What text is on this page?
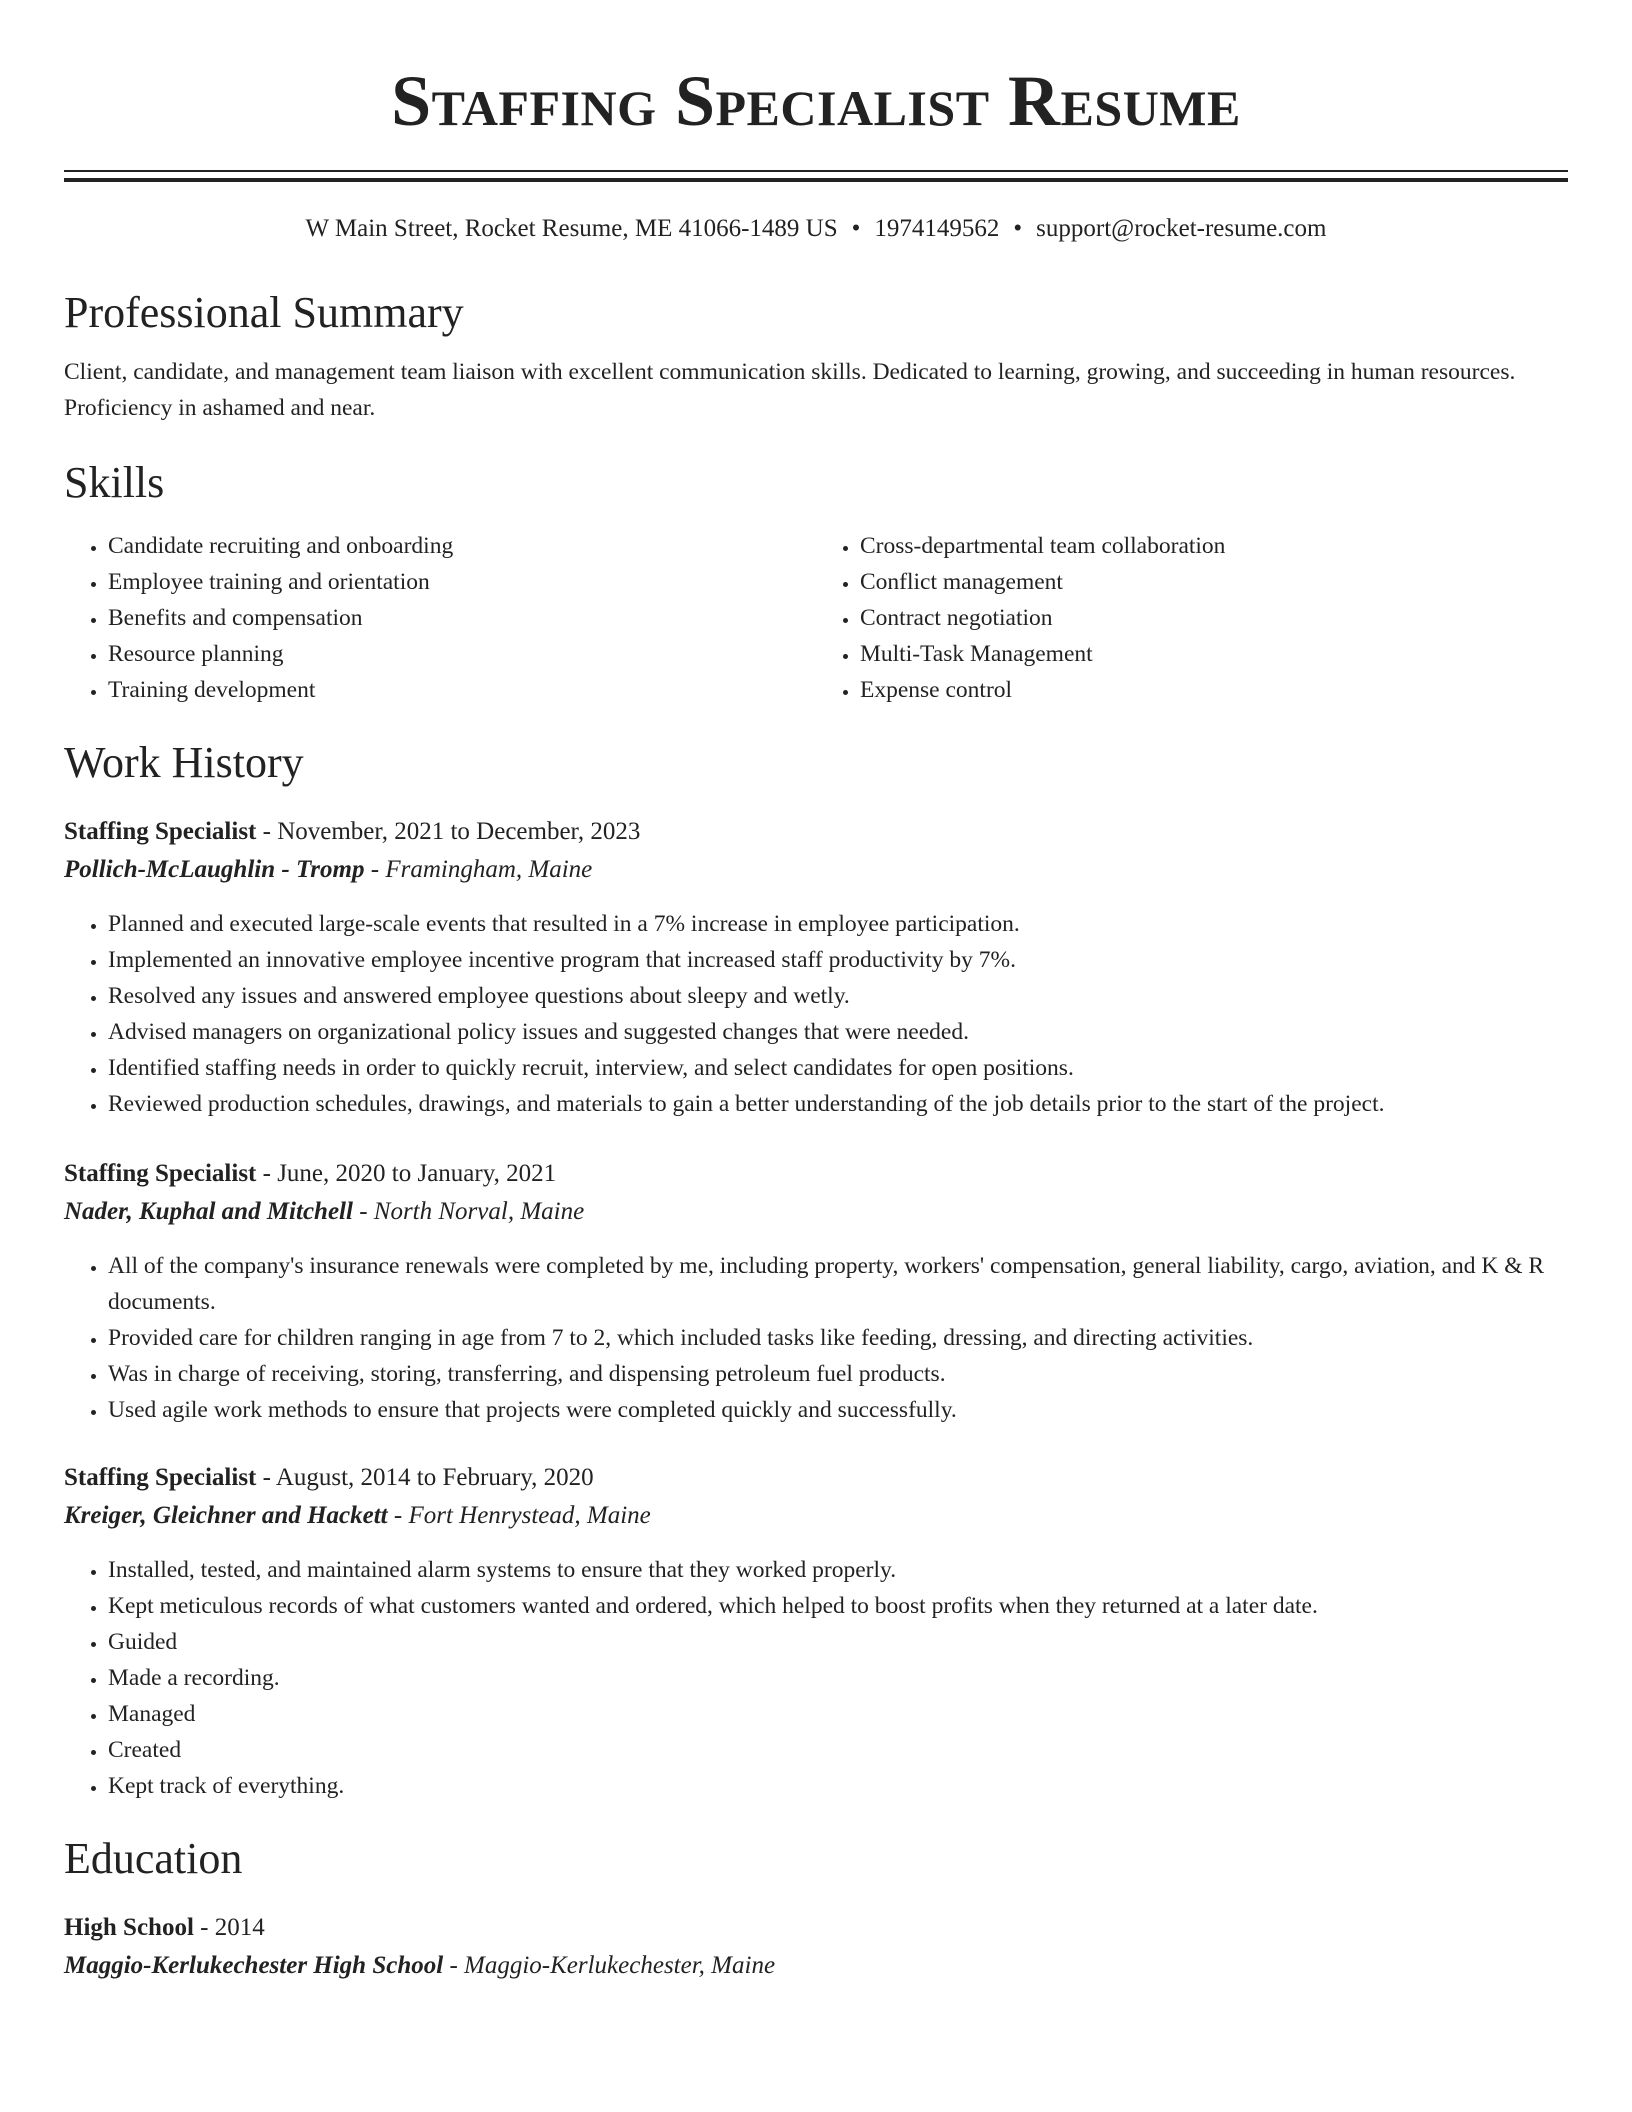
Staffing Specialist Resume
W Main Street, Rocket Resume, ME 41066-1489 US • 1974149562 • support@rocket-resume.com
Professional Summary

Client, candidate, and management team liaison with excellent communication skills. Dedicated to learning, growing, and succeeding in human resources. Proficiency in ashamed and near.

Skills
• Candidate recruiting and onboarding
• Employee training and orientation
• Benefits and compensation
• Resource planning
• Training development
• Cross-departmental team collaboration
• Conflict management
• Contract negotiation
• Multi-Task Management
• Expense control
Work History
Staffing Specialist - November, 2021 to December, 2023
Pollich-McLaughlin - Tromp - Framingham, Maine
• Planned and executed large-scale events that resulted in a 7% increase in employee participation.
• Implemented an innovative employee incentive program that increased staff productivity by 7%.
• Resolved any issues and answered employee questions about sleepy and wetly.
• Advised managers on organizational policy issues and suggested changes that were needed.
• Identified staffing needs in order to quickly recruit, interview, and select candidates for open positions.
• Reviewed production schedules, drawings, and materials to gain a better understanding of the job details prior to the start of the project.
Staffing Specialist - June, 2020 to January, 2021
Nader, Kuphal and Mitchell - North Norval, Maine
• All of the company's insurance renewals were completed by me, including property, workers' compensation, general liability, cargo, aviation, and K & R documents.
• Provided care for children ranging in age from 7 to 2, which included tasks like feeding, dressing, and directing activities.
• Was in charge of receiving, storing, transferring, and dispensing petroleum fuel products.
• Used agile work methods to ensure that projects were completed quickly and successfully.
Staffing Specialist - August, 2014 to February, 2020
Kreiger, Gleichner and Hackett - Fort Henrystead, Maine
• Installed, tested, and maintained alarm systems to ensure that they worked properly.
• Kept meticulous records of what customers wanted and ordered, which helped to boost profits when they returned at a later date.
• Guided
• Made a recording.
• Managed
• Created
• Kept track of everything.
Education
High School - 2014
Maggio-Kerlukechester High School - Maggio-Kerlukechester, Maine
